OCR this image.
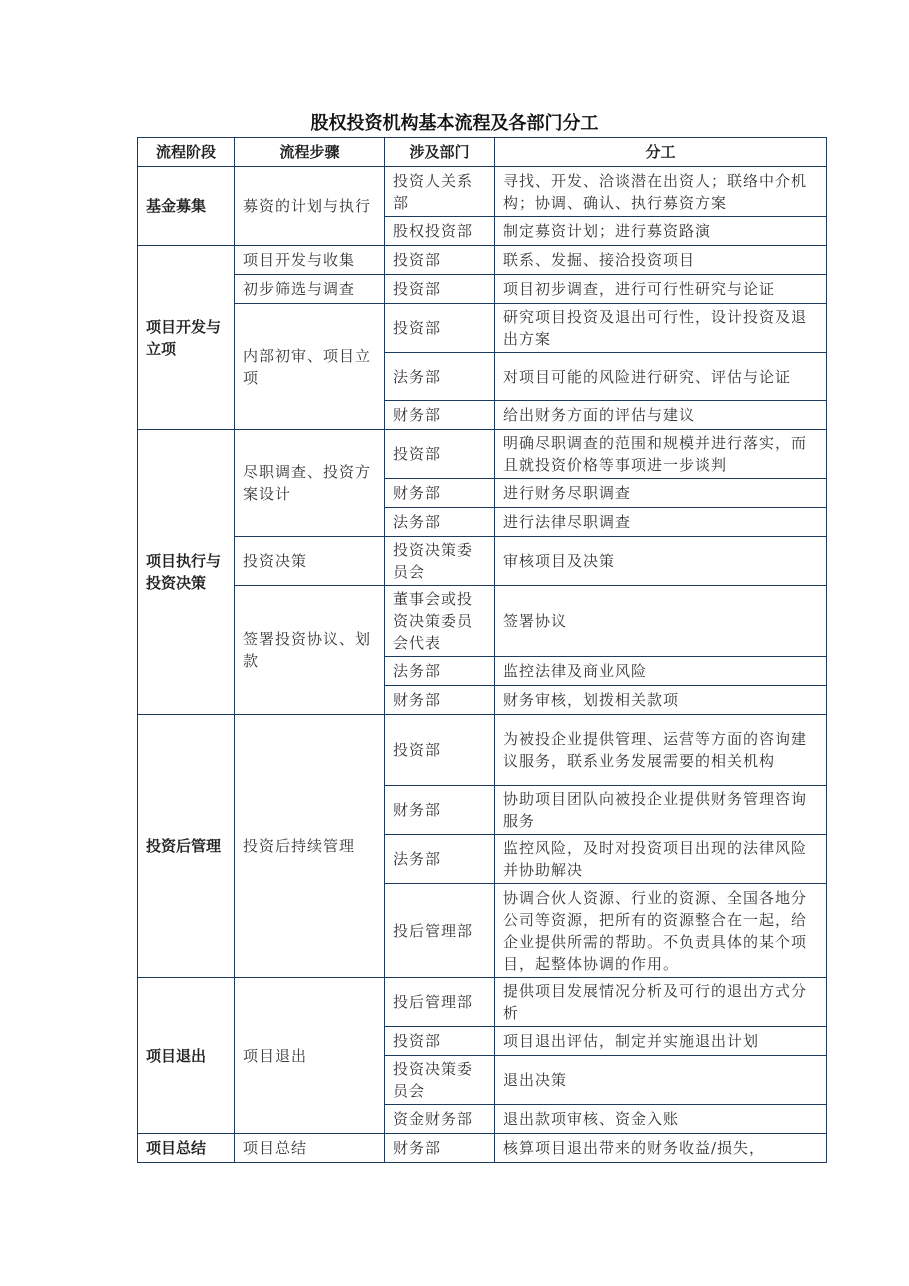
股权投资机构基本流程及各部门分工
流程阶段	流程步骤	涉及部门	分工
基金募集	募资的计划与执行	投资人关系部	寻找、开发、洽谈潜在出资人；联络中介机构；协调、确认、执行募资方案
		股权投资部	制定募资计划；进行募资路演
项目开发与立项	项目开发与收集	投资部	联系、发掘、接洽投资项目
	初步筛选与调查	投资部	项目初步调查，进行可行性研究与论证
	内部初审、项目立项	投资部	研究项目投资及退出可行性，设计投资及退出方案
		法务部	对项目可能的风险进行研究、评估与论证
		财务部	给出财务方面的评估与建议
项目执行与投资决策	尽职调查、投资方案设计	投资部	明确尽职调查的范围和规模并进行落实，而且就投资价格等事项进一步谈判
		财务部	进行财务尽职调查
		法务部	进行法律尽职调查
	投资决策	投资决策委员会	审核项目及决策
	签署投资协议、划款	董事会或投资决策委员会代表	签署协议
		法务部	监控法律及商业风险
		财务部	财务审核，划拨相关款项
投资后管理	投资后持续管理	投资部	为被投企业提供管理、运营等方面的咨询建议服务，联系业务发展需要的相关机构
		财务部	协助项目团队向被投企业提供财务管理咨询服务
		法务部	监控风险，及时对投资项目出现的法律风险并协助解决
		投后管理部	协调合伙人资源、行业的资源、全国各地分公司等资源，把所有的资源整合在一起，给企业提供所需的帮助。不负责具体的某个项目，起整体协调的作用。
项目退出	项目退出	投后管理部	提供项目发展情况分析及可行的退出方式分析
		投资部	项目退出评估，制定并实施退出计划
		投资决策委员会	退出决策
		资金财务部	退出款项审核、资金入账
项目总结	项目总结	财务部	核算项目退出带来的财务收益/损失，
